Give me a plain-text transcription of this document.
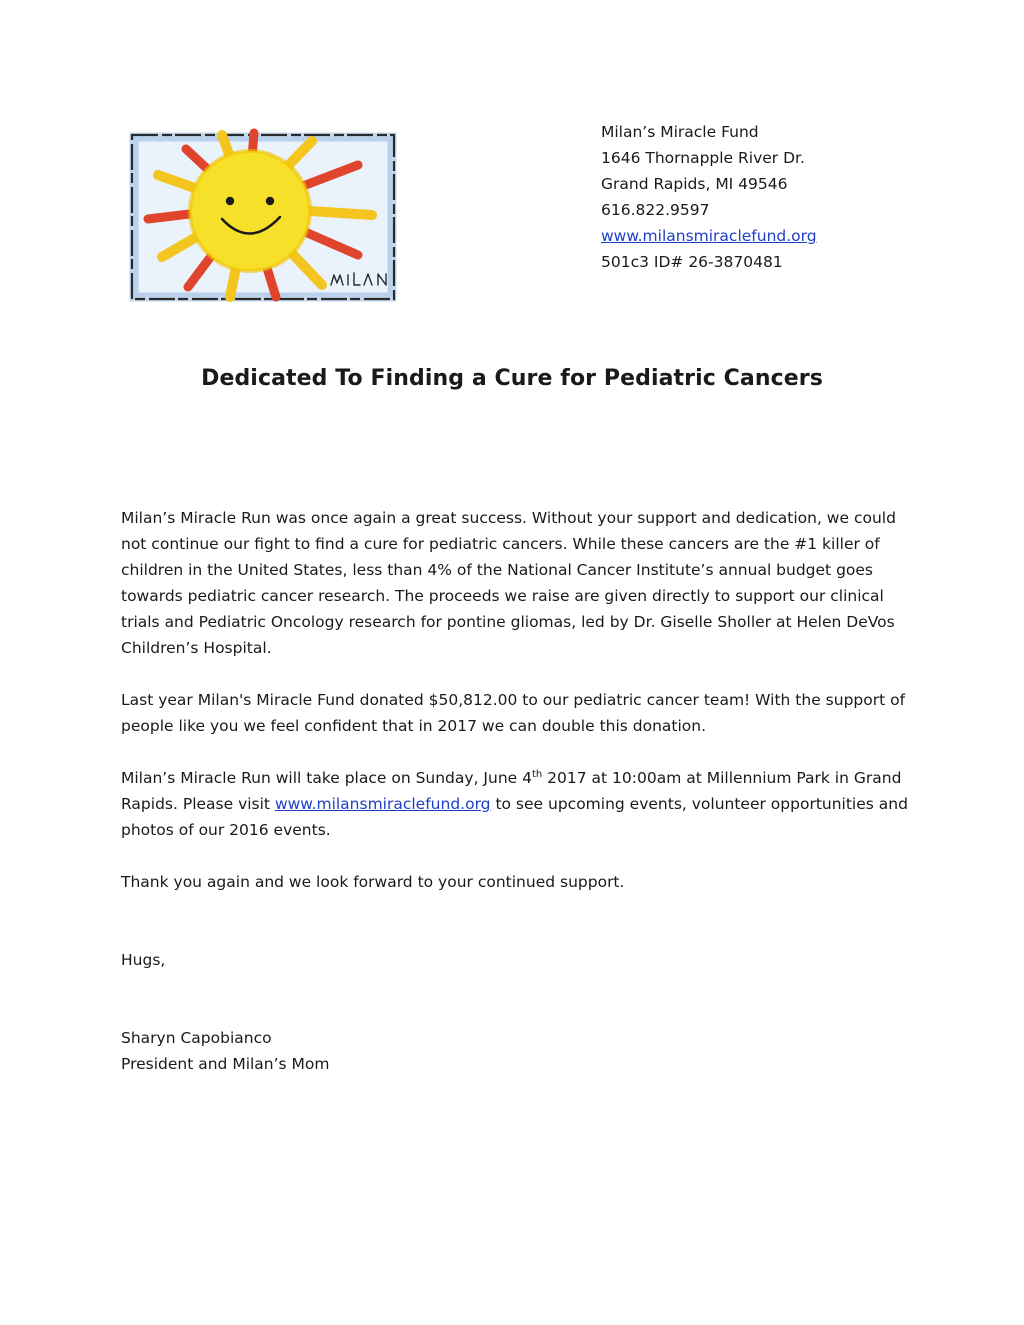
Milan’s Miracle Fund
1646 Thornapple River Dr.
Grand Rapids, MI 49546
616.822.9597
www.milansmiraclefund.org
501c3 ID# 26-3870481
Dedicated To Finding a Cure for Pediatric Cancers

Milan’s Miracle Run was once again a great success. Without your support and dedication, we could not continue our fight to find a cure for pediatric cancers. While these cancers are the #1 killer of children in the United States, less than 4% of the National Cancer Institute’s annual budget goes towards pediatric cancer research. The proceeds we raise are given directly to support our clinical trials and Pediatric Oncology research for pontine gliomas, led by Dr. Giselle Sholler at Helen DeVos Children’s Hospital.

Last year Milan's Miracle Fund donated $50,812.00 to our pediatric cancer team! With the support of people like you we feel confident that in 2017 we can double this donation.

Milan’s Miracle Run will take place on Sunday, June 4th 2017 at 10:00am at Millennium Park in Grand Rapids. Please visit www.milansmiraclefund.org to see upcoming events, volunteer opportunities and photos of our 2016 events.

Thank you again and we look forward to your continued support.

Hugs,

Sharyn Capobianco
President and Milan’s Mom
